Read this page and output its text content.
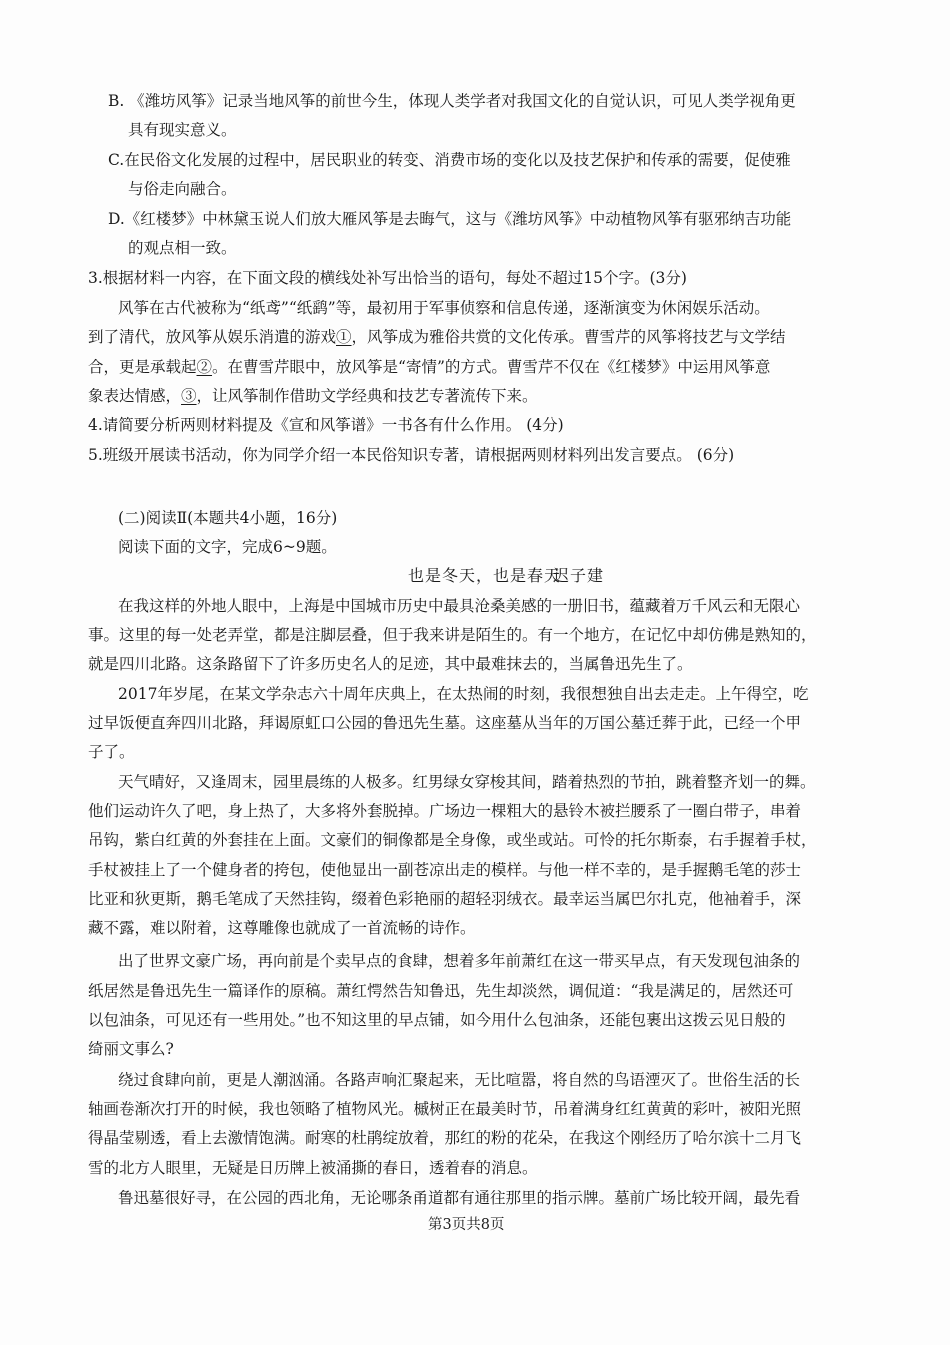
B. 《潍坊风筝》记录当地风筝的前世今生，体现人类学者对我国文化的自觉认识，可见人类学视角更
具有现实意义。
C.在民俗文化发展的过程中，居民职业的转变、消费市场的变化以及技艺保护和传承的需要，促使雅
与俗走向融合。
D.《红楼梦》中林黛玉说人们放大雁风筝是去晦气，这与《潍坊风筝》中动植物风筝有驱邪纳吉功能
的观点相一致。
3.根据材料一内容，在下面文段的横线处补写出恰当的语句，每处不超过15个字。(3分)
风筝在古代被称为“纸鸢”“纸鹞”等，最初用于军事侦察和信息传递，逐渐演变为休闲娱乐活动。
到了清代，放风筝从娱乐消遣的游戏①，风筝成为雅俗共赏的文化传承。曹雪芹的风筝将技艺与文学结
合，更是承载起②。在曹雪芹眼中，放风筝是“寄情”的方式。曹雪芹不仅在《红楼梦》中运用风筝意
象表达情感，③，让风筝制作借助文学经典和技艺专著流传下来。
4.请简要分析两则材料提及《宣和风筝谱》一书各有什么作用。 (4分)
5.班级开展读书活动，你为同学介绍一本民俗知识专著，请根据两则材料列出发言要点。 (6分)
(二)阅读Ⅱ(本题共4小题，16分)
阅读下面的文字，完成6~9题。
也是冬天，也是春天
迟子建
在我这样的外地人眼中，上海是中国城市历史中最具沧桑美感的一册旧书，蕴藏着万千风云和无限心
事。这里的每一处老弄堂，都是注脚层叠，但于我来讲是陌生的。有一个地方，在记忆中却仿佛是熟知的，
就是四川北路。这条路留下了许多历史名人的足迹，其中最难抹去的，当属鲁迅先生了。
2017年岁尾，在某文学杂志六十周年庆典上，在太热闹的时刻，我很想独自出去走走。上午得空，吃
过早饭便直奔四川北路，拜谒原虹口公园的鲁迅先生墓。这座墓从当年的万国公墓迁葬于此，已经一个甲
子了。
天气晴好，又逢周末，园里晨练的人极多。红男绿女穿梭其间，踏着热烈的节拍，跳着整齐划一的舞。
他们运动许久了吧，身上热了，大多将外套脱掉。广场边一棵粗大的悬铃木被拦腰系了一圈白带子，串着
吊钩，紫白红黄的外套挂在上面。文豪们的铜像都是全身像，或坐或站。可怜的托尔斯泰，右手握着手杖，
手杖被挂上了一个健身者的挎包，使他显出一副苍凉出走的模样。与他一样不幸的，是手握鹅毛笔的莎士
比亚和狄更斯，鹅毛笔成了天然挂钩，缀着色彩艳丽的超轻羽绒衣。最幸运当属巴尔扎克，他袖着手，深
藏不露，难以附着，这尊雕像也就成了一首流畅的诗作。
出了世界文豪广场，再向前是个卖早点的食肆，想着多年前萧红在这一带买早点，有天发现包油条的
纸居然是鲁迅先生一篇译作的原稿。萧红愕然告知鲁迅，先生却淡然，调侃道：“我是满足的，居然还可
以包油条，可见还有一些用处。”也不知这里的早点铺，如今用什么包油条，还能包裹出这拨云见日般的
绮丽文事么?
绕过食肆向前，更是人潮汹涌。各路声响汇聚起来，无比喧嚣，将自然的鸟语湮灭了。世俗生活的长
轴画卷渐次打开的时候，我也领略了植物风光。槭树正在最美时节，吊着满身红红黄黄的彩叶，被阳光照
得晶莹剔透，看上去激情饱满。耐寒的杜鹃绽放着，那红的粉的花朵，在我这个刚经历了哈尔滨十二月飞
雪的北方人眼里，无疑是日历牌上被涌撕的春日，透着春的消息。
鲁迅墓很好寻，在公园的西北角，无论哪条甬道都有通往那里的指示牌。墓前广场比较开阔，最先看
第3页共8页
